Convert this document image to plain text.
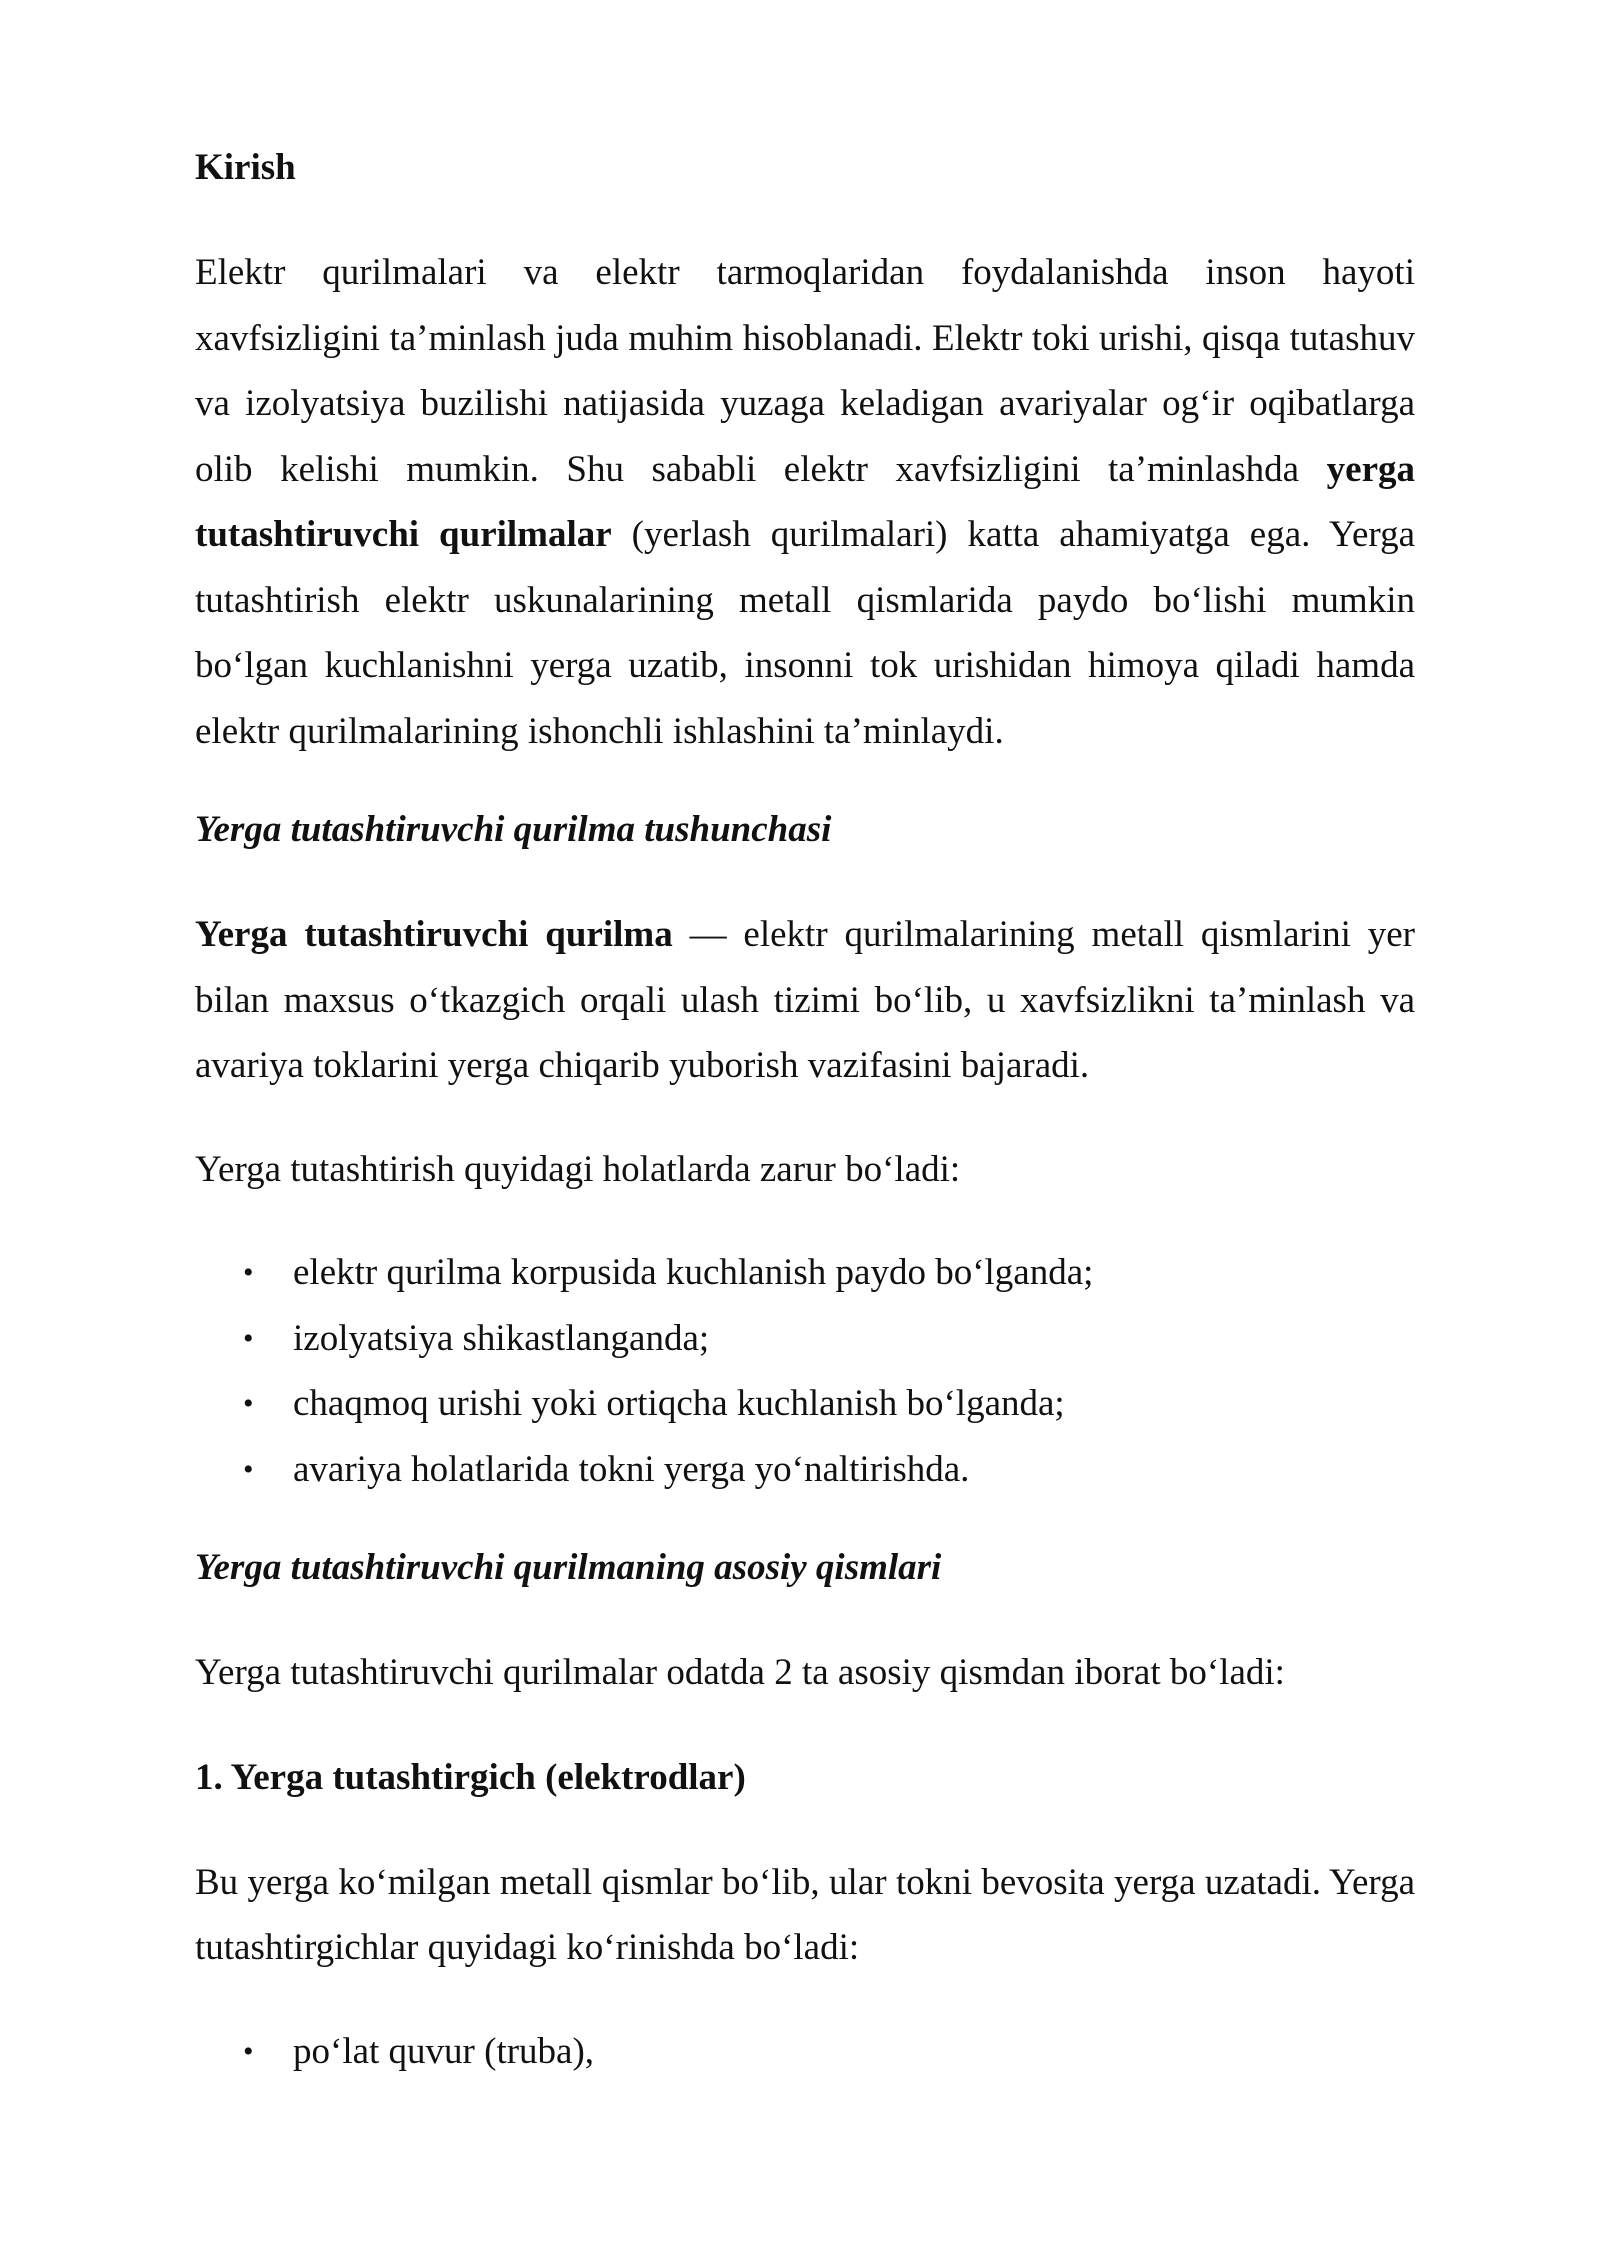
Kirish

Elektr qurilmalari va elektr tarmoqlaridan foydalanishda inson hayoti xavfsizligini ta’minlash juda muhim hisoblanadi. Elektr toki urishi, qisqa tutashuv va izolyatsiya buzilishi natijasida yuzaga keladigan avariyalar og‘ir oqibatlarga olib kelishi mumkin. Shu sababli elektr xavfsizligini ta’minlashda yerga tutashtiruvchi qurilmalar (yerlash qurilmalari) katta ahamiyatga ega. Yerga tutashtirish elektr uskunalarining metall qismlarida paydo bo‘lishi mumkin bo‘lgan kuchlanishni yerga uzatib, insonni tok urishidan himoya qiladi hamda elektr qurilmalarining ishonchli ishlashini ta’minlaydi.

Yerga tutashtiruvchi qurilma tushunchasi

Yerga tutashtiruvchi qurilma — elektr qurilmalarining metall qismlarini yer bilan maxsus o‘tkazgich orqali ulash tizimi bo‘lib, u xavfsizlikni ta’minlash va avariya toklarini yerga chiqarib yuborish vazifasini bajaradi.

Yerga tutashtirish quyidagi holatlarda zarur bo‘ladi:

• elektr qurilma korpusida kuchlanish paydo bo‘lganda;
• izolyatsiya shikastlanganda;
• chaqmoq urishi yoki ortiqcha kuchlanish bo‘lganda;
• avariya holatlarida tokni yerga yo‘naltirishda.
Yerga tutashtiruvchi qurilmaning asosiy qismlari

Yerga tutashtiruvchi qurilmalar odatda 2 ta asosiy qismdan iborat bo‘ladi:

1. Yerga tutashtirgich (elektrodlar)

Bu yerga ko‘milgan metall qismlar bo‘lib, ular tokni bevosita yerga uzatadi. Yerga tutashtirgichlar quyidagi ko‘rinishda bo‘ladi:

• po‘lat quvur (truba),
